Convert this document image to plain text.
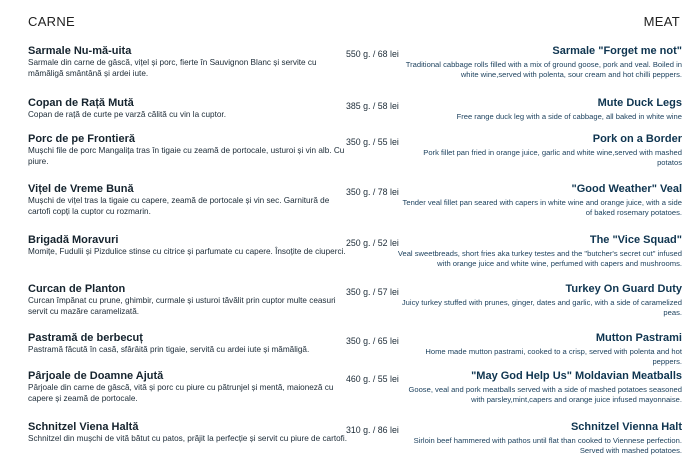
CARNE	MEAT
Sarmale Nu-mă-uita
Sarmale din carne de gâscă, vițel și porc, fierte în Sauvignon Blanc și servite cu mămăligă smântână și ardei iute.
550 g. / 68 lei	Sarmale "Forget me not"
Traditional cabbage rolls filled with a mix of ground goose, pork and veal. Boiled in white wine,served with polenta, sour cream and hot chilli peppers.
Copan de Rață Mută
Copan de rață de curte pe varză călită cu vin la cuptor.
385 g. / 58 lei	Mute Duck Legs
Free range duck leg with a side of cabbage, all baked in white wine
Porc de pe Frontieră
Mușchi file de porc Mangalița tras în tigaie cu zeamă de portocale, usturoi și vin alb. Cu piure.
350 g. / 55 lei	Pork on a Border
Pork fillet pan fried in orange juice, garlic and white wine,served with mashed potatos
Vițel de Vreme Bună
Mușchi de vițel tras la tigaie cu capere, zeamă de portocale și vin sec. Garnitură de cartofi copți la cuptor cu rozmarin.
350 g. / 78 lei	"Good Weather" Veal
Tender veal fillet pan seared with capers in white wine and orange juice, with a side of baked rosemary potatoes.
Brigadă Moravuri
Momițe, Fudulii și Pizdulice stinse cu citrice și parfumate cu capere. Însoțite de ciuperci.
250 g. / 52 lei	The "Vice Squad"
Veal sweetbreads, short fries aka turkey testes and the "butcher's secret cut" infused with orange juice and white wine, perfumed with capers and mushrooms.
Curcan de Planton
Curcan împănat cu prune, ghimbir, curmale și usturoi tăvălit prin cuptor multe ceasuri servit cu mazăre caramelizată.
350 g. / 57 lei	Turkey On Guard Duty
Juicy turkey stuffed with prunes, ginger, dates and garlic, with a side of caramelized peas.
Pastramă de berbecuț
Pastramă făcută în casă, sfârâită prin tigaie, servită cu ardei iute și mămăligă.
350 g. / 65 lei	Mutton Pastrami
Home made mutton pastrami, cooked to a crisp, served with polenta and hot peppers.
Pârjoale de Doamne Ajută
Pârjoale din carne de gâscă, vită și porc cu piure cu pătrunjel și mentă, maioneză cu capere și zeamă de portocale.
460 g. / 55 lei	"May God Help Us" Moldavian Meatballs
Goose, veal and pork meatballs served with a side of mashed potatoes seasoned with parsley,mint,capers and orange juice infused mayonnaise.
Schnitzel Viena Haltă
Schnitzel din mușchi de vită bătut cu patos, prăjit la perfecție și servit cu piure de cartofi.
310 g. / 86 lei	Schnitzel Vienna Halt
Sirloin beef hammered with pathos until flat than cooked to Viennese perfection. Served with mashed potatoes.
